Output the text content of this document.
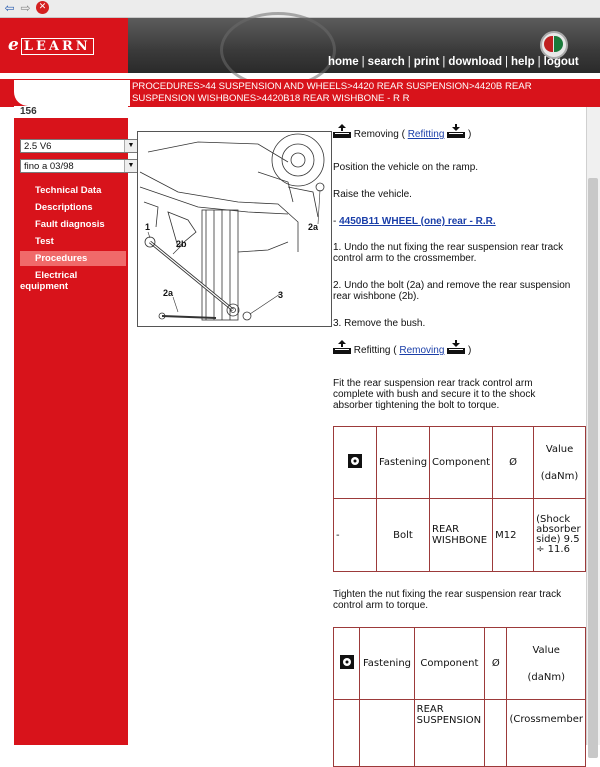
⇦ ⇨ ✕
e LEARN
home | search | print | download | help | logout
PROCEDURES>44 SUSPENSION AND WHEELS>4420 REAR SUSPENSION>4420B REAR SUSPENSION WISHBONES>4420B18 REAR WISHBONE - R R
156
2.5 V6	▼
fino a 03/98	▼
Technical Data
Descriptions
Fault diagnosis
Test
Procedures
Electrical equipment
2a
1
2b
2a	3
Removing ( Refitting )
Position the vehicle on the ramp.
Raise the vehicle.
- 4450B11 WHEEL (one) rear - R.R.
1. Undo the nut fixing the rear suspension rear track control arm to the crossmember.
2. Undo the bolt (2a) and remove the rear suspension rear wishbone (2b).
3. Remove the bush.
Refitting ( Removing )
Fit the rear suspension rear track control arm complete with bush and secure it to the shock absorber tightening the bolt to torque.
Tighten the nut fixing the rear suspension rear track control arm to torque.
	Fastening	Component	Ø	Value
(daNm)

-	Bolt	REAR WISHBONE	M12	(Shock absorber side) 9.5 ÷ 11.6
	Fastening	Component	Ø	Value
(daNm)

		REAR SUSPENSION		(Crossmember
